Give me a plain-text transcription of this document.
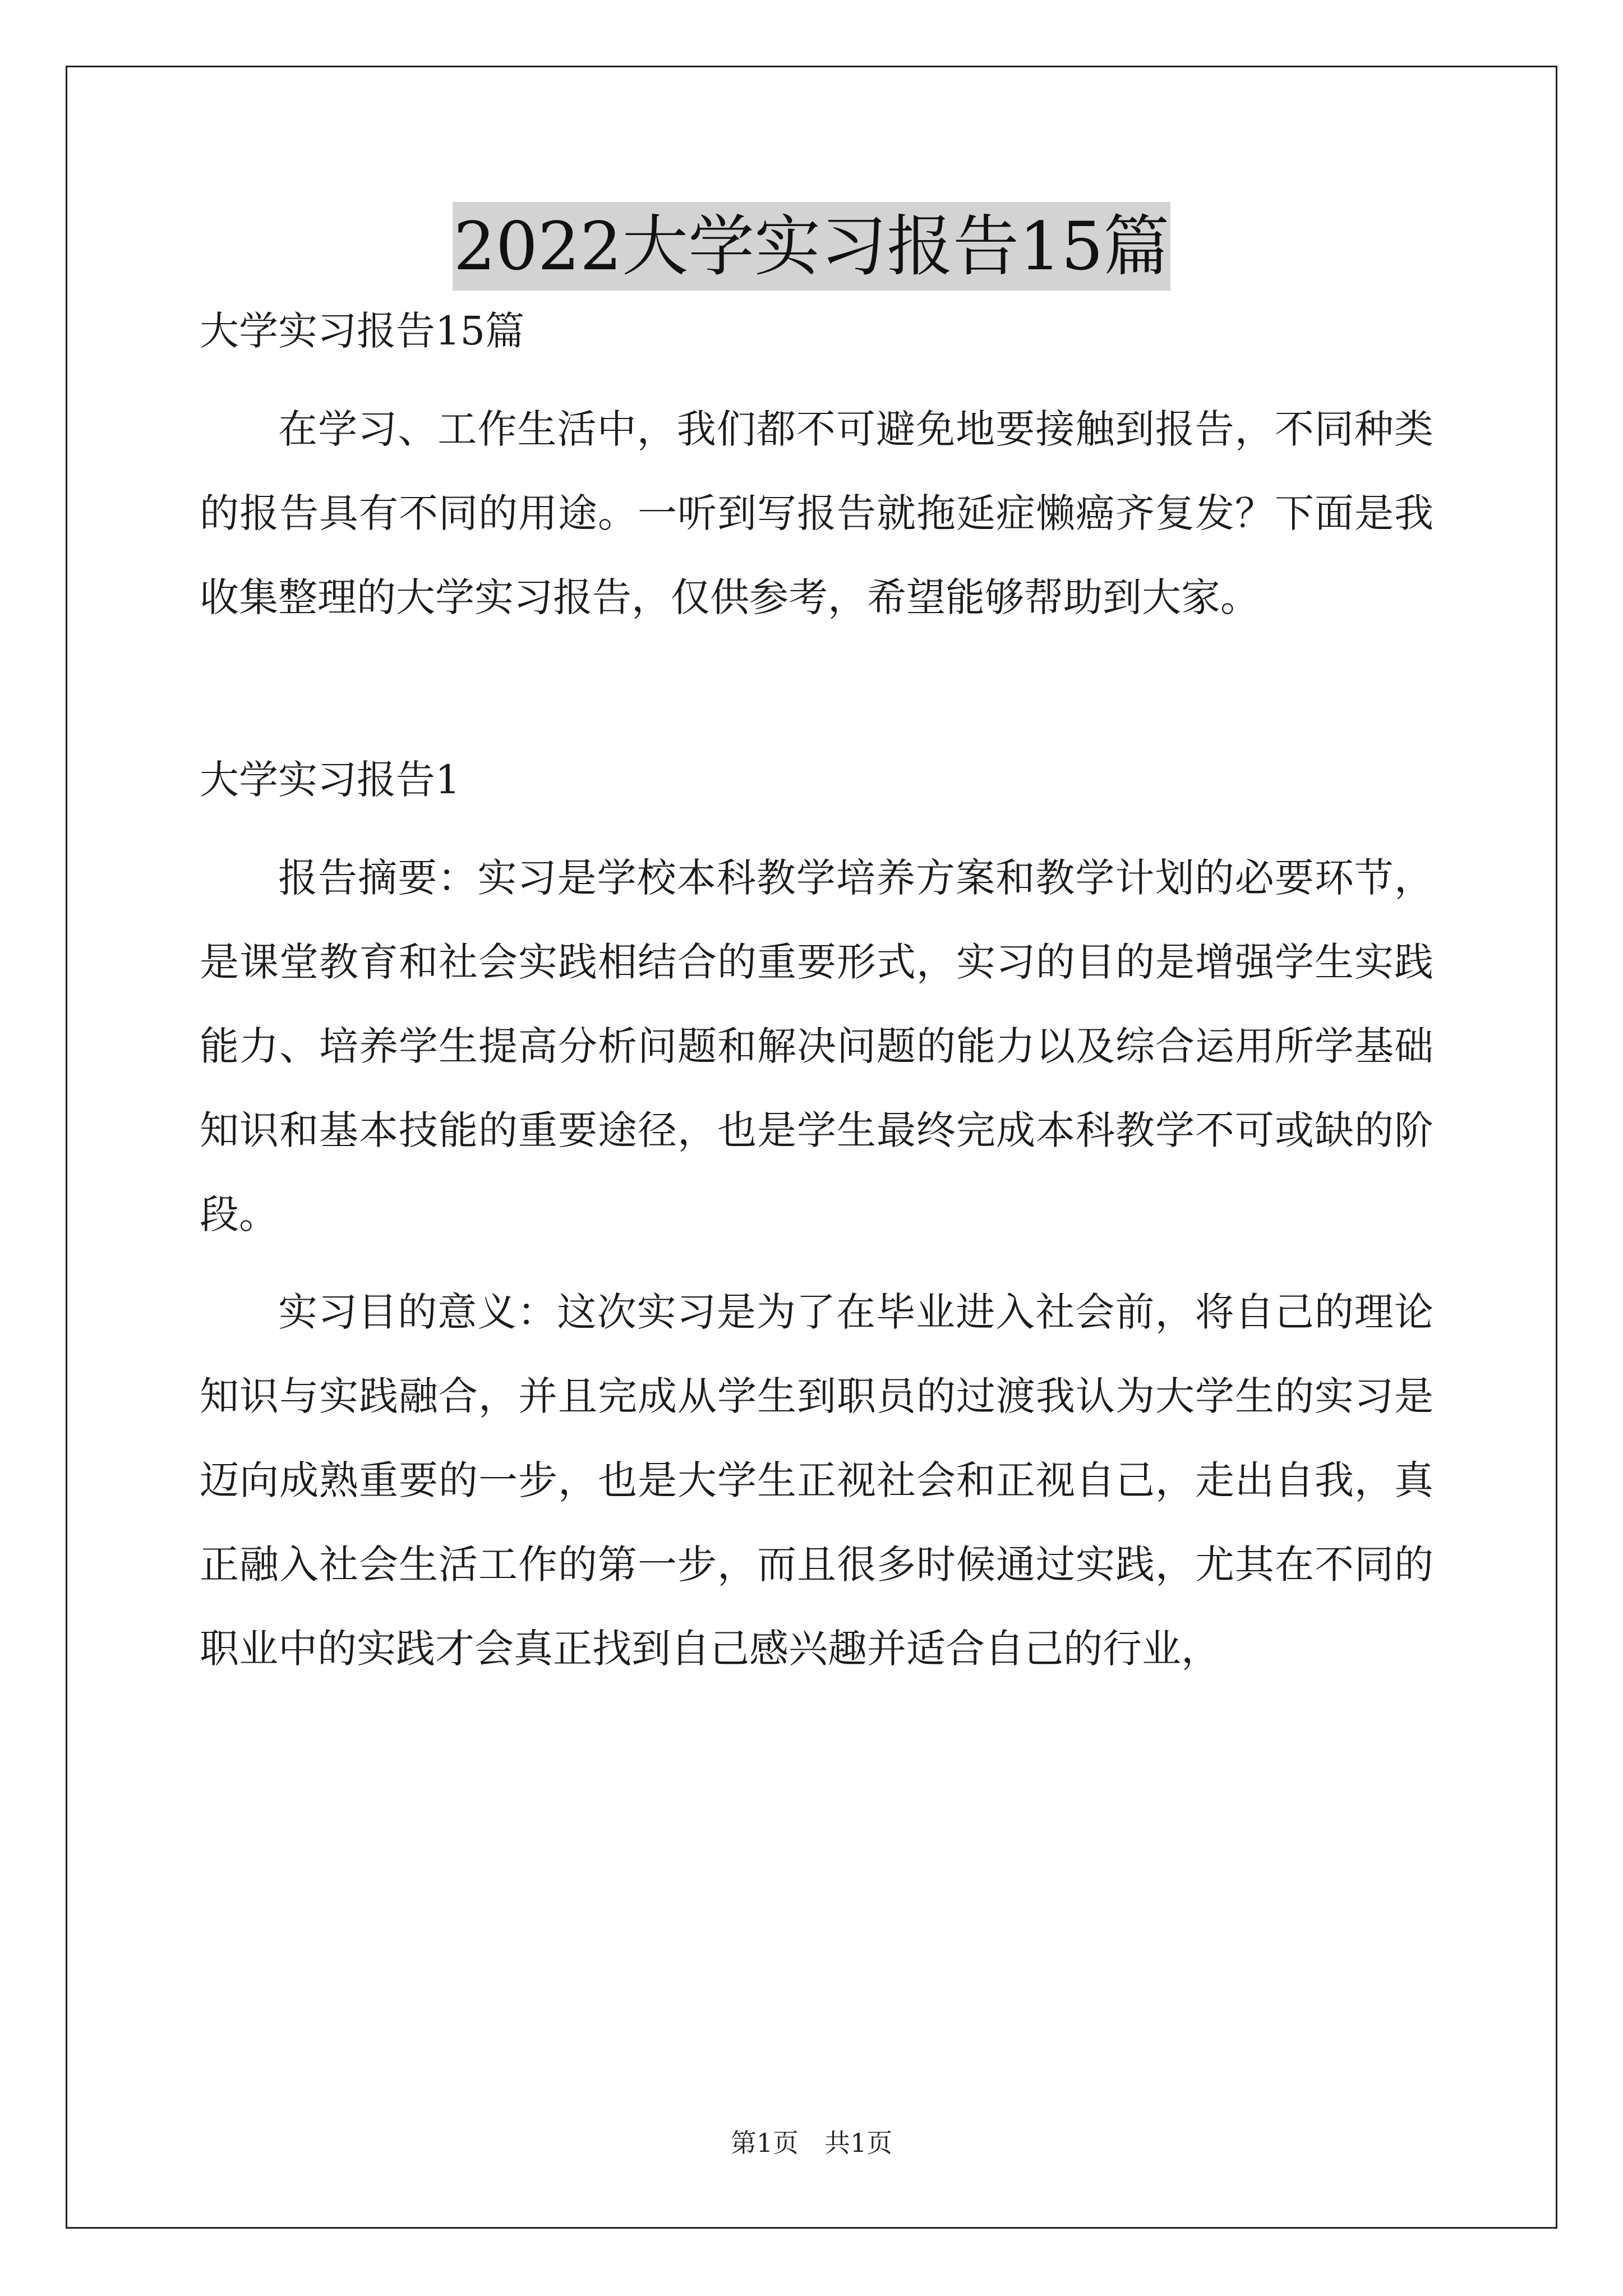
2022大学实习报告15篇

大学实习报告15篇

在学习、工作生活中，我们都不可避免地要接触到报告，不同种类的报告具有不同的用途。一听到写报告就拖延症懒癌齐复发？下面是我收集整理的大学实习报告，仅供参考，希望能够帮助到大家。

大学实习报告1

报告摘要：实习是学校本科教学培养方案和教学计划的必要环节，是课堂教育和社会实践相结合的重要形式，实习的目的是增强学生实践能力、培养学生提高分析问题和解决问题的能力以及综合运用所学基础知识和基本技能的重要途径，也是学生最终完成本科教学不可或缺的阶段。

实习目的意义：这次实习是为了在毕业进入社会前，将自己的理论知识与实践融合，并且完成从学生到职员的过渡我认为大学生的实习是迈向成熟重要的一步，也是大学生正视社会和正视自己，走出自我，真正融入社会生活工作的第一步，而且很多时候通过实践，尤其在不同的职业中的实践才会真正找到自己感兴趣并适合自己的行业，

第1页　共1页
